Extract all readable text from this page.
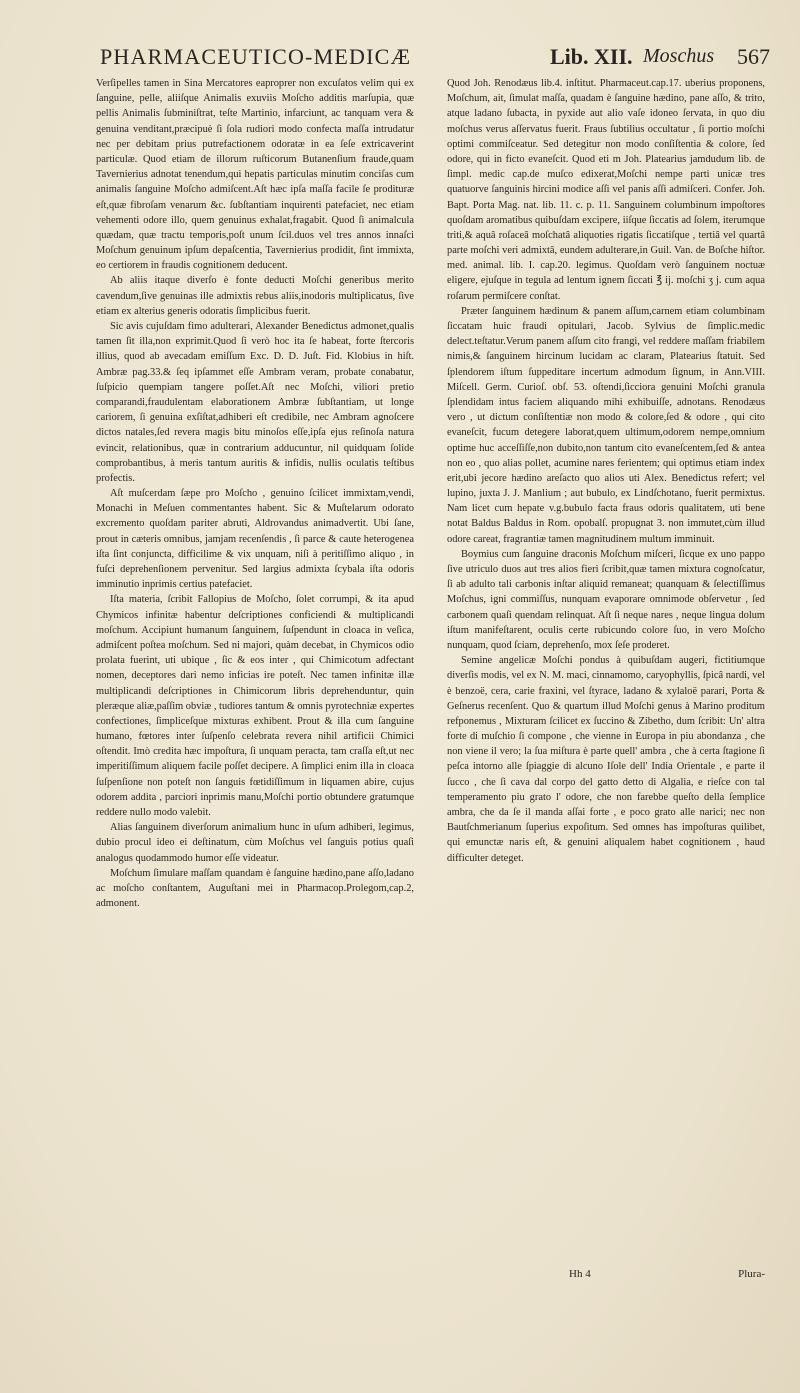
PHARMACEUTICO-MEDICÆ	Lib. XII. Moschus 567

Verſipelles tamen in Sina Mercatores eaproprer non excuſatos velim qui ex ſanguine, pelle, aliiſque Animalis exuviis Moſcho additis marſupia, quæ pellis Animalis ſubminiſtrat, teſte Martinio, infarciunt, ac tanquam vera & genuina venditant,præcipuè ſi ſola rudiori modo confecta maſſa intrudatur nec per debitam prius putrefactionem odoratæ in ea ſeſe extricaverint particulæ. Quod etiam de illorum ruſticorum Butanenſium fraude,quam Tavernierius adnotat tenendum,qui hepatis particulas minutim conciſas cum animalis ſanguine Moſcho admiſcent.Aſt hæc ipſa maſſa facile ſe prodituræ eſt,quæ fibroſam venarum &c. ſubſtantiam inquirenti patefaciet, nec etiam vehementi odore illo, quem genuinus exhalat,fragabit. Quod ſi animalcula quædam, quæ tractu temporis,poſt unum ſcil.duos vel tres annos innaſci Moſchum genuinum ipſum depaſcentia, Tavernierius prodidit, ſint immixta, eo certiorem in fraudis cognitionem deducent.

Ab aliis itaque diverſo è fonte deducti Moſchi generibus merito cavendum,ſive genuinas ille admixtis rebus aliis,inodoris multiplicatus, ſive etiam ex alterius generis odoratis ſimplicibus fuerit.

Sic avis cujuſdam fimo adulterari, Alexander Benedictus admonet,qualis tamen ſit illa,non exprimit.Quod ſi verò hoc ita ſe habeat, forte ſtercoris illius, quod ab avecadam emiſſum Exc. D. D. Juſt. Fid. Klobius in hiſt. Ambræ pag.33.& ſeq ipſammet eſſe Ambram veram, probate conabatur, ſuſpicio quempiam tangere poſſet.Aſt nec Moſchi, viliori pretio comparandi,fraudulentam elaborationem Ambræ ſubſtantiam, ut longe cariorem, ſi genuina exſiſtat,adhiberi eſt credibile, nec Ambram agnoſcere dictos natales,ſed revera magis bitu minoſos eſſe,ipſa ejus reſinoſa natura evincit, relationibus, quæ in contrarium adducuntur, nil quidquam ſolide comprobantibus, à meris tantum auritis & infidis, nullis oculatis teſtibus profectis.

Aſt muſcerdam ſæpe pro Moſcho , genuino ſcilicet immixtam,vendi, Monachi in Meſuen commentantes habent. Sic & Muſtelarum odorato excremento quoſdam pariter abruti, Aldrovandus animadvertit. Ubi ſane, prout in cæteris omnibus, jamjam recenſendis , ſi parce & caute heterogenea iſta ſint conjuncta, difficilime & vix unquam, niſi à peritiſſimo aliquo , in fuſci deprehenſionem pervenitur. Sed largius admixta ſcybala iſta odoris imminutio inprimis certius patefaciet.

Iſta materia, ſcribit Fallopius de Moſcho, ſolet corrumpi, & ita apud Chymicos infinitæ habentur deſcriptiones conficiendi & multiplicandi moſchum. Accipiunt humanum ſanguinem, ſuſpendunt in cloaca in veſica, admiſcent poſtea moſchum. Sed ni majori, quàm decebat, in Chymicos odio prolata fuerint, uti ubique , ſic & eos inter , qui Chimicotum adfectant nomen, deceptores dari nemo inficias ire poteſt. Nec tamen infinitæ illæ multiplicandi deſcriptiones in Chimicorum libris deprehenduntur, quin pleræque aliæ,paſſim obviæ , tudiores tantum & omnis pyrotechniæ expertes confectiones, ſimpliceſque mixturas exhibent. Prout & illa cum ſanguine humano, fœtores inter ſuſpenſo celebrata revera nihil artificii Chimici oſtendit. Imò credita hæc impoſtura, ſi unquam peracta, tam craſſa eſt,ut nec imperitiſſimum aliquem facile poſſet decipere. A ſimplici enim illa in cloaca ſuſpenſione non poteſt non ſanguis fœtidiſſimum in liquamen abire, cujus odorem addita , parciori inprimis manu,Moſchi portio obtundere gratumque reddere nullo modo valebit.

Alias ſanguinem diverſorum animalium hunc in uſum adhiberi, legimus, dubio procul ideo ei deſtinatum, cùm Moſchus vel ſanguis potius quaſi analogus quodammodo humor eſſe videatur.

Moſchum ſimulare maſſam quandam è ſanguine hædino,pane aſſo,ladano ac moſcho conſtantem, Auguſtani mei in Pharmacop.Prolegom,cap.2, admonent.

Quod Joh. Renodæus lib.4. inſtitut. Pharmaceut.cap.17. uberius proponens, Moſchum, ait, ſimulat maſſa, quadam è ſanguine hædino, pane aſſo, & trito, atque ladano ſubacta, in pyxide aut alio vaſe idoneo ſervata, in quo diu moſchus verus aſſervatus fuerit. Fraus ſubtilius occultatur , ſi portio moſchi optimi commiſceatur. Sed detegitur non modo conſiſtentia & colore, ſed odore, qui in ficto evaneſcit. Quod eti m Joh. Platearius jamdudum lib. de ſimpl. medic cap.de muſco edixerat,Moſchi nempe parti unicæ tres quatuorve ſanguinis hircini modice aſſi vel panis aſſi admiſceri. Confer. Joh. Bapt. Porta Mag. nat. lib. 11. c. p. 11. Sanguinem columbinum impoſtores quoſdam aromatibus quibuſdam excipere, iiſque ſiccatis ad ſolem, iterumque triti,& aquâ roſaceâ moſchatâ aliquoties rigatis ſiccatiſque , tertiâ vel quartâ parte moſchi veri admixtâ, eundem adulterare,in Guil. Van. de Boſche hiſtor. med. animal. lib. I. cap.20. legimus. Quoſdam verò ſanguinem noctuæ eligere, ejuſque in tegula ad lentum ignem ſiccati ℥ ij. moſchi ʒ j. cum aqua roſarum permiſcere conſtat.

Præter ſanguinem hædinum & panem aſſum,carnem etiam columbinam ſiccatam huic fraudi opitulari, Jacob. Sylvius de ſimplic.medic delect.teſtatur.Verum panem aſſum cito frangi, vel reddere maſſam friabilem nimis,& ſanguinem hircinum lucidam ac claram, Platearius ſtatuit. Sed ſplendorem iſtum ſuppeditare incertum admodum ſignum, in Ann.VIII. Miſcell. Germ. Curioſ. obſ. 53. oſtendi,ſicciora genuini Moſchi granula ſplendidam intus faciem aliquando mihi exhibuiſſe, adnotans. Renodæus vero , ut dictum conſiſtentiæ non modo & colore,ſed & odore , qui cito evaneſcit, fucum detegere laborat,quem ultimum,odorem nempe,omnium optime huc acceſſiſſe,non dubito,non tantum cito evaneſcentem,ſed & antea non eo , quo alias pollet, acumine nares ferientem; qui optimus etiam index erit,ubi jecore hædino areſacto quo alios uti Alex. Benedictus refert; vel lupino, juxta J. J. Manlium ; aut bubulo, ex Lindſchotano, fuerit permixtus. Nam licet cum hepate v.g.bubulo facta fraus odoris qualitatem, uti bene notat Baldus Baldus in Rom. opobalſ. propugnat 3. non immutet,cùm illud odore careat, fragrantiæ tamen magnitudinem multum imminuit.

Boymius cum ſanguine draconis Moſchum miſceri, ſicque ex uno pappo ſive utriculo duos aut tres alios fieri ſcribit,quæ tamen mixtura cognoſcatur, ſi ab adulto tali carbonis inſtar aliquid remaneat; quanquam & ſelectiſſimus Moſchus, igni commiſſus, nunquam evaporare omnimode obſervetur , ſed carbonem quaſi quendam relinquat. Aſt ſi neque nares , neque lingua dolum iſtum manifeſtarent, oculis certe rubicundo colore ſuo, in vero Moſcho nunquam, quod ſciam, deprehenſo, mox ſeſe proderet.

Semine angelicæ Moſchi pondus à quibuſdam augeri, fictitiumque diverſis modis, vel ex N. M. maci, cinnamomo, caryophyllis, ſpicâ nardi, vel è benzoë, cera, carie fraxini, vel ſtyrace, ladano & xylaloë parari, Porta & Geſnerus recenſent. Quo & quartum illud Moſchi genus à Marino proditum refponemus , Mixturam ſcilicet ex ſuccino & Zibetho, dum ſcribit: Un' altra forte di muſchio ſi compone , che vienne in Europa in piu abondanza , che non viene il vero; la ſua miſtura è parte quell' ambra , che à certa ſtagione ſi peſca intorno alle ſpiaggie di alcuno Iſole dell' India Orientale , e parte il ſucco , che ſi cava dal corpo del gatto detto di Algalia, e rieſce con tal temperamento piu grato l' odore, che non farebbe queſto della ſemplice ambra, che da ſe il manda aſſai forte , e poco grato alle narici; nec non Bautſchmerianum ſuperius expoſitum. Sed omnes has impoſturas quilibet, qui emunctæ naris eſt, & genuini aliqualem habet cognitionem , haud difficulter deteget.

Hh 4	Plura-
